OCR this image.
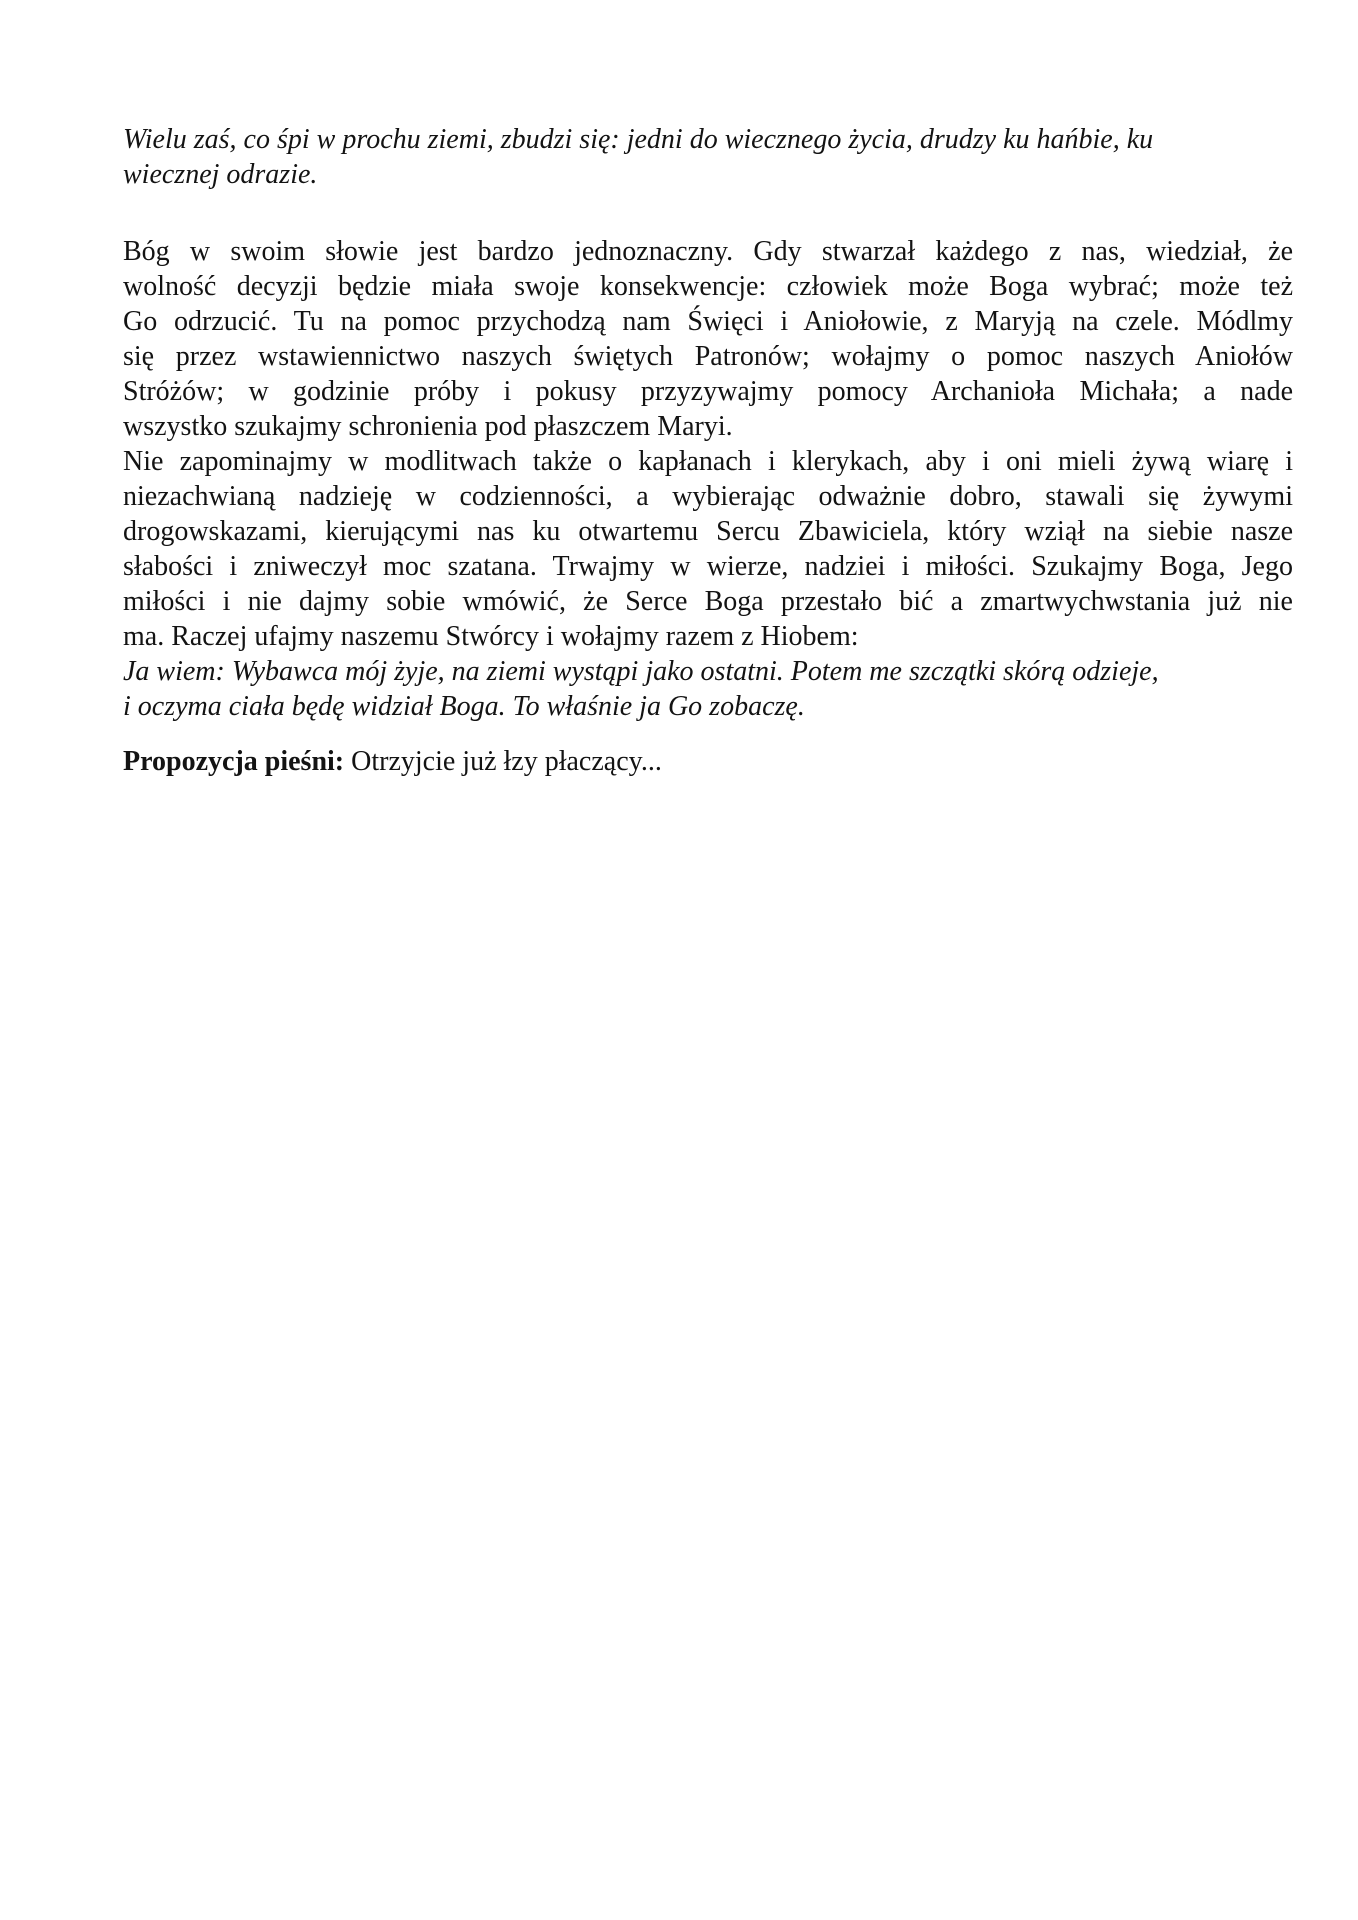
Wielu zaś, co śpi w prochu ziemi, zbudzi się: jedni do wiecznego życia, drudzy ku hańbie, ku
wiecznej odrazie.

Bóg w swoim słowie jest bardzo jednoznaczny. Gdy stwarzał każdego z nas, wiedział, że
wolność decyzji będzie miała swoje konsekwencje: człowiek może Boga wybrać; może też
Go odrzucić. Tu na pomoc przychodzą nam Święci i Aniołowie, z Maryją na czele. Módlmy
się przez wstawiennictwo naszych świętych Patronów; wołajmy o pomoc naszych Aniołów
Stróżów; w godzinie próby i pokusy przyzywajmy pomocy Archanioła Michała; a nade
wszystko szukajmy schronienia pod płaszczem Maryi.

Nie zapominajmy w modlitwach także o kapłanach i klerykach, aby i oni mieli żywą wiarę i
niezachwianą nadzieję w codzienności, a wybierając odważnie dobro, stawali się żywymi
drogowskazami, kierującymi nas ku otwartemu Sercu Zbawiciela, który wziął na siebie nasze
słabości i zniweczył moc szatana. Trwajmy w wierze, nadziei i miłości. Szukajmy Boga, Jego
miłości i nie dajmy sobie wmówić, że Serce Boga przestało bić a zmartwychwstania już nie
ma. Raczej ufajmy naszemu Stwórcy i wołajmy razem z Hiobem:

Ja wiem: Wybawca mój żyje, na ziemi wystąpi jako ostatni. Potem me szczątki skórą odzieje,
i oczyma ciała będę widział Boga. To właśnie ja Go zobaczę.

Propozycja pieśni: Otrzyjcie już łzy płaczący...
